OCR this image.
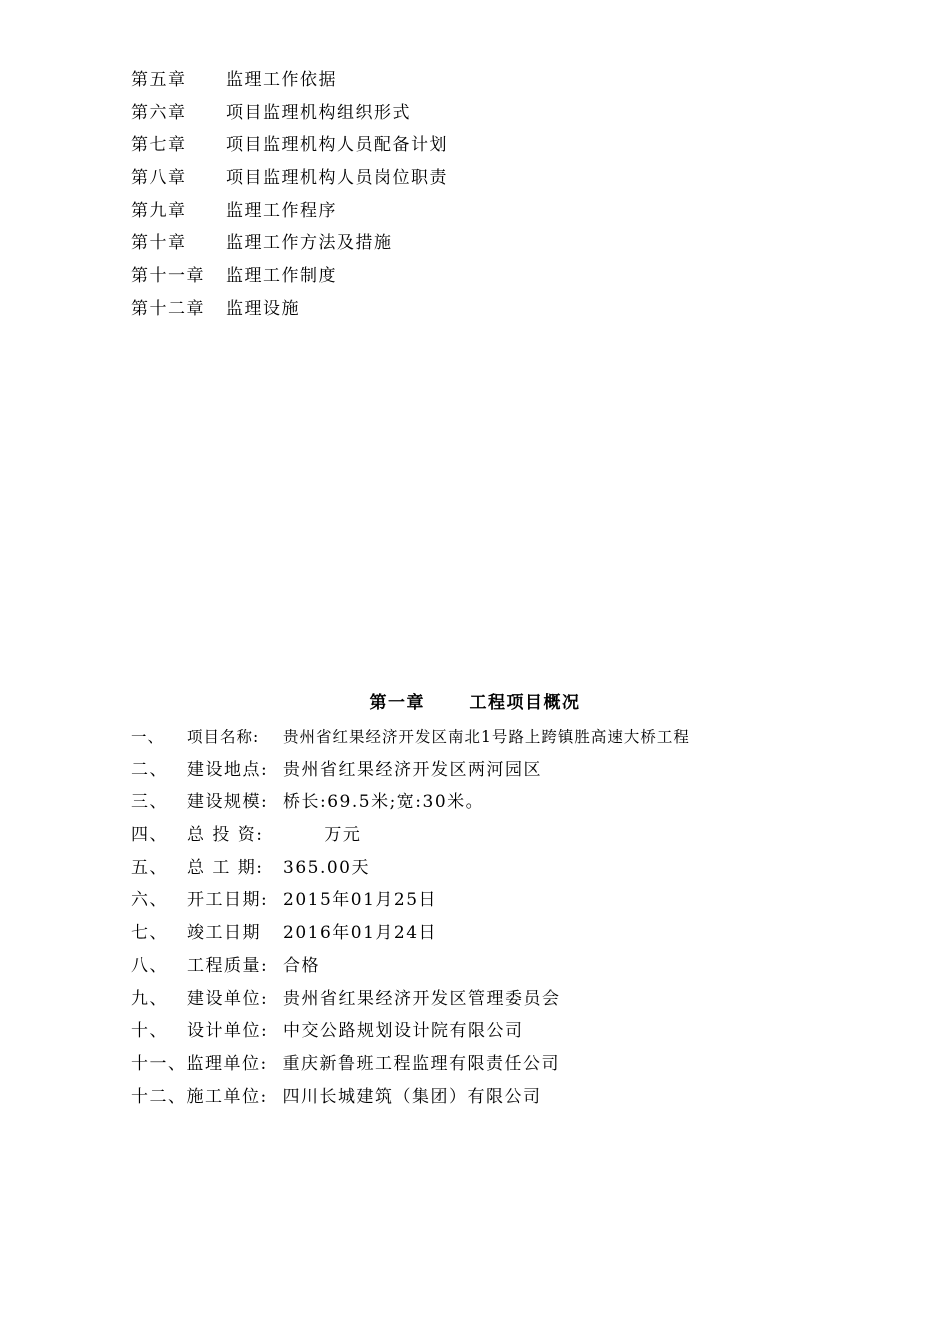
第五章 监理工作依据
第六章 项目监理机构组织形式
第七章 项目监理机构人员配备计划
第八章 项目监理机构人员岗位职责
第九章 监理工作程序
第十章 监理工作方法及措施
第十一章 监理工作制度
第十二章 监理设施
第一章      工程项目概况
一、 项目名称: 贵州省红果经济开发区南北1号路上跨镇胜高速大桥工程
二、 建设地点: 贵州省红果经济开发区两河园区
三、 建设规模: 桥长:69.5米;宽:30米。
四、 总 投 资:      万元
五、 总 工 期: 365.00天
六、 开工日期: 2015年01月25日
七、 竣工日期 2016年01月24日
八、 工程质量: 合格
九、 建设单位: 贵州省红果经济开发区管理委员会
十、 设计单位: 中交公路规划设计院有限公司
十一、监理单位: 重庆新鲁班工程监理有限责任公司
十二、施工单位: 四川长城建筑（集团）有限公司
